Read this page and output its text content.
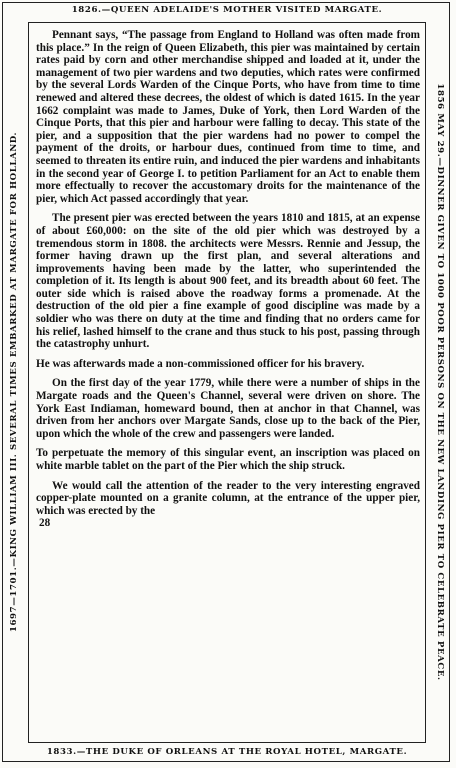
1826.—QUEEN ADELAIDE'S MOTHER VISITED MARGATE.
1697—1701.—KING WILLIAM III. SEVERAL TIMES EMBARKED AT MARGATE FOR HOLLAND.	1856 MAY 29.—DINNER GIVEN TO 1000 POOR PERSONS ON THE NEW LANDING PIER TO CELEBRATE PEACE.

Pennant says, “The passage from England to Holland was often made from this place.” In the reign of Queen Elizabeth, this pier was maintained by certain rates paid by corn and other merchandise shipped and loaded at it, under the management of two pier wardens and two deputies, which rates were confirmed by the several Lords Warden of the Cinque Ports, who have from time to time renewed and altered these decrees, the oldest of which is dated 1615. In the year 1662 complaint was made to James, Duke of York, then Lord Warden of the Cinque Ports, that this pier and harbour were falling to decay. This state of the pier, and a supposition that the pier wardens had no power to compel the payment of the droits, or harbour dues, continued from time to time, and seemed to threaten its entire ruin, and induced the pier wardens and inhabitants in the second year of George I. to petition Parliament for an Act to enable them more effectually to recover the accustomary droits for the maintenance of the pier, which Act passed accordingly that year.

The present pier was erected between the years 1810 and 1815, at an expense of about £60,000: on the site of the old pier which was destroyed by a tremendous storm in 1808. the architects were Messrs. Rennie and Jessup, the former having drawn up the first plan, and several alterations and improvements having been made by the latter, who superintended the completion of it. Its length is about 900 feet, and its breadth about 60 feet. The outer side which is raised above the roadway forms a promenade. At the destruction of the old pier a fine example of good discipline was made by a soldier who was there on duty at the time and finding that no orders came for his relief, lashed himself to the crane and thus stuck to his post, passing through the catastrophy unhurt.

He was afterwards made a non-commissioned officer for his bravery.

On the first day of the year 1779, while there were a number of ships in the Margate roads and the Queen's Channel, several were driven on shore. The York East Indiaman, homeward bound, then at anchor in that Channel, was driven from her anchors over Margate Sands, close up to the back of the Pier, upon which the whole of the crew and passengers were landed.

To perpetuate the memory of this singular event, an inscription was placed on white marble tablet on the part of the Pier which the ship struck.

We would call the attention of the reader to the very interesting engraved copper-plate mounted on a granite column, at the entrance of the upper pier, which was erected by the

28
1833.—THE DUKE OF ORLEANS AT THE ROYAL HOTEL, MARGATE.
